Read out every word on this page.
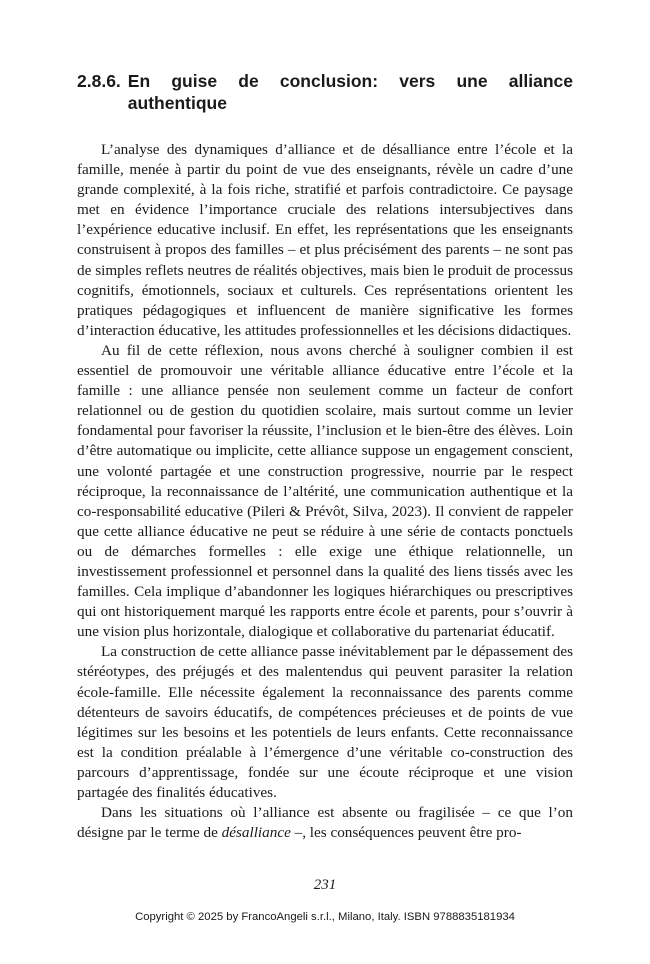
2.8.6. En guise de conclusion: vers une alliance authentique

L’analyse des dynamiques d’alliance et de désalliance entre l’école et la famille, menée à partir du point de vue des enseignants, révèle un cadre d’une grande complexité, à la fois riche, stratifié et parfois contradictoire. Ce paysage met en évidence l’importance cruciale des relations intersubjectives dans l’expérience educative inclusif. En effet, les représentations que les enseignants construisent à propos des familles – et plus précisément des parents – ne sont pas de simples reflets neutres de réalités objectives, mais bien le produit de processus cognitifs, émotionnels, sociaux et culturels. Ces représentations orientent les pratiques pédagogiques et influencent de manière significative les formes d’interaction éducative, les attitudes professionnelles et les décisions didactiques.

Au fil de cette réflexion, nous avons cherché à souligner combien il est essentiel de promouvoir une véritable alliance éducative entre l’école et la famille : une alliance pensée non seulement comme un facteur de confort relationnel ou de gestion du quotidien scolaire, mais surtout comme un levier fondamental pour favoriser la réussite, l’inclusion et le bien-être des élèves. Loin d’être automatique ou implicite, cette alliance suppose un engagement conscient, une volonté partagée et une construction progressive, nourrie par le respect réciproque, la reconnaissance de l’altérité, une communication authentique et la co-responsabilité educative (Pileri & Prévôt, Silva, 2023). Il convient de rappeler que cette alliance éducative ne peut se réduire à une série de contacts ponctuels ou de démarches formelles : elle exige une éthique relationnelle, un investissement professionnel et personnel dans la qualité des liens tissés avec les familles. Cela implique d’abandonner les logiques hiérarchiques ou prescriptives qui ont historiquement marqué les rapports entre école et parents, pour s’ouvrir à une vision plus horizontale, dialogique et collaborative du partenariat éducatif.

La construction de cette alliance passe inévitablement par le dépassement des stéréotypes, des préjugés et des malentendus qui peuvent parasiter la relation école-famille. Elle nécessite également la reconnaissance des parents comme détenteurs de savoirs éducatifs, de compétences précieuses et de points de vue légitimes sur les besoins et les potentiels de leurs enfants. Cette reconnaissance est la condition préalable à l’émergence d’une véritable co-construction des parcours d’apprentissage, fondée sur une écoute réciproque et une vision partagée des finalités éducatives.

Dans les situations où l’alliance est absente ou fragilisée – ce que l’on désigne par le terme de désalliance –, les conséquences peuvent être pro-

231
Copyright © 2025 by FrancoAngeli s.r.l., Milano, Italy. ISBN 9788835181934
